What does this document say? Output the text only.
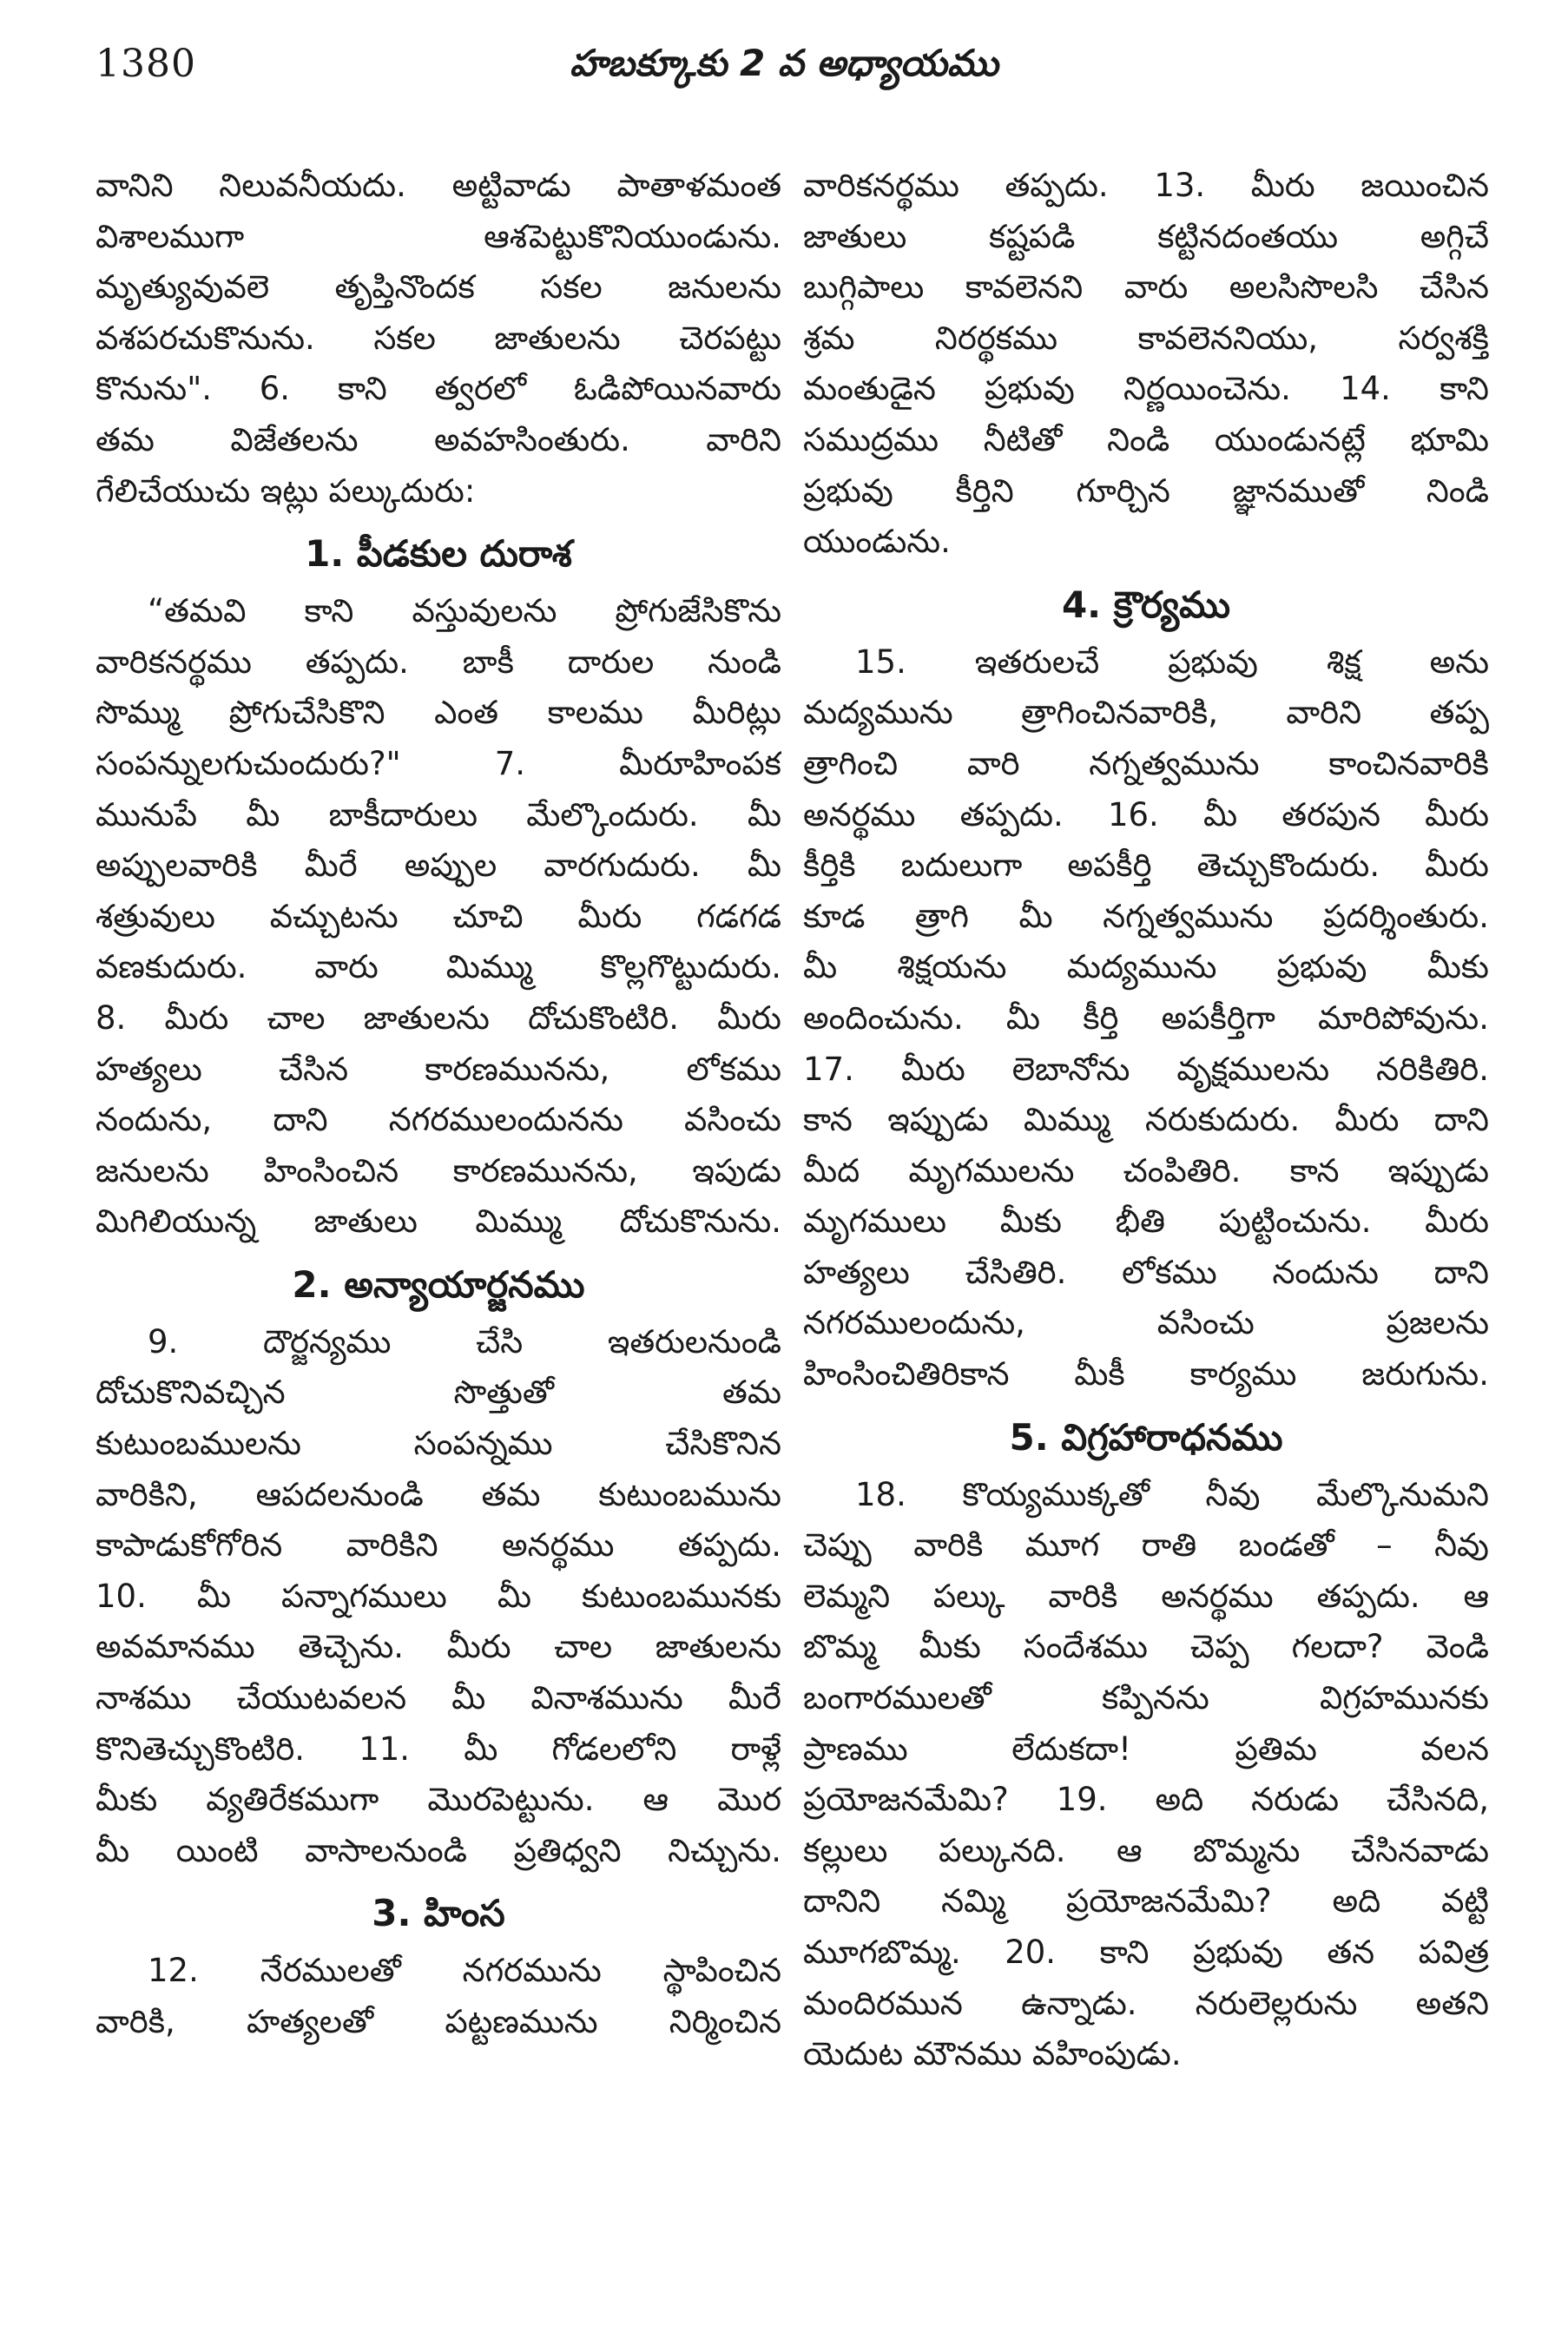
1380	హబక్కూకు 2 వ అధ్యాయము
వానిని నిలువనీయదు. అట్టివాడు పాతాళమంత
విశాలముగా ఆశపెట్టుకొనియుండును.
మృత్యువువలె తృప్తినొందక సకల జనులను
వశపరచుకొనును. సకల జాతులను చెరపట్టు
కొనును". 6. కాని త్వరలో ఓడిపోయినవారు
తమ విజేతలను అవహసింతురు. వారిని
గేలిచేయుచు ఇట్లు పల్కుదురు:
1. పీడకుల దురాశ
“తమవి కాని వస్తువులను ప్రోగుజేసికొను
వారికనర్థము తప్పదు. బాకీ దారుల నుండి
సొమ్ము ప్రోగుచేసికొని ఎంత కాలము మీరిట్లు
సంపన్నులగుచుందురు?" 7. మీరూహింపక
మునుపే మీ బాకీదారులు మేల్కొందురు. మీ
అప్పులవారికి మీరే అప్పుల వారగుదురు. మీ
శత్రువులు వచ్చుటను చూచి మీరు గడగడ
వణకుదురు. వారు మిమ్ము కొల్లగొట్టుదురు.
8. మీరు చాల జాతులను దోచుకొంటిరి. మీరు
హత్యలు చేసిన కారణమునను, లోకము
నందును, దాని నగరములందునను వసించు
జనులను హింసించిన కారణమునను, ఇపుడు
మిగిలియున్న జాతులు మిమ్ము దోచుకొనును.
2. అన్యాయార్జనము
9. దౌర్జన్యము చేసి ఇతరులనుండి
దోచుకొనివచ్చిన సొత్తుతో తమ
కుటుంబములను సంపన్నము చేసికొనిన
వారికిని, ఆపదలనుండి తమ కుటుంబమును
కాపాడుకోగోరిన వారికిని అనర్థము తప్పదు.
10. మీ పన్నాగములు మీ కుటుంబమునకు
అవమానము తెచ్చెను. మీరు చాల జాతులను
నాశము చేయుటవలన మీ వినాశమును మీరే
కొనితెచ్చుకొంటిరి. 11. మీ గోడలలోని రాళ్లే
మీకు వ్యతిరేకముగా మొరపెట్టును. ఆ మొర
మీ యింటి వాసాలనుండి ప్రతిధ్వని నిచ్చును.
3. హింస
12. నేరములతో నగరమును స్థాపించిన
వారికి, హత్యలతో పట్టణమును నిర్మించిన
వారికనర్థము తప్పదు. 13. మీరు జయించిన
జాతులు కష్టపడి కట్టినదంతయు అగ్గిచే
బుగ్గిపాలు కావలెనని వారు అలసిసొలసి చేసిన
శ్రమ నిరర్థకము కావలెననియు, సర్వశక్తి
మంతుడైన ప్రభువు నిర్ణయించెను. 14. కాని
సముద్రము నీటితో నిండి యుండునట్లే భూమి
ప్రభువు కీర్తిని గూర్చిన జ్ఞానముతో నిండి
యుండును.
4. క్రౌర్యము
15. ఇతరులచే ప్రభువు శిక్ష అను
మద్యమును త్రాగించినవారికి, వారిని తప్ప
త్రాగించి వారి నగ్నత్వమును కాంచినవారికి
అనర్థము తప్పదు. 16. మీ తరపున మీరు
కీర్తికి బదులుగా అపకీర్తి తెచ్చుకొందురు. మీరు
కూడ త్రాగి మీ నగ్నత్వమును ప్రదర్శింతురు.
మీ శిక్షయను మద్యమును ప్రభువు మీకు
అందించును. మీ కీర్తి అపకీర్తిగా మారిపోవును.
17. మీరు లెబానోను వృక్షములను నరికితిరి.
కాన ఇప్పుడు మిమ్ము నరుకుదురు. మీరు దాని
మీద మృగములను చంపితిరి. కాన ఇప్పుడు
మృగములు మీకు భీతి పుట్టించును. మీరు
హత్యలు చేసితిరి. లోకము నందును దాని
నగరములందును, వసించు ప్రజలను
హింసించితిరికాన మీకీ కార్యము జరుగును.
5. విగ్రహారాధనము
18. కొయ్యముక్కతో నీవు మేల్కొనుమని
చెప్పు వారికి మూగ రాతి బండతో – నీవు
లెమ్మని పల్కు వారికి అనర్థము తప్పదు. ఆ
బొమ్మ మీకు సందేశము చెప్ప గలదా? వెండి
బంగారములతో కప్పినను విగ్రహమునకు
ప్రాణము లేదుకదా! ప్రతిమ వలన
ప్రయోజనమేమి? 19. అది నరుడు చేసినది,
కల్లులు పల్కునది. ఆ బొమ్మను చేసినవాడు
దానిని నమ్మి ప్రయోజనమేమి? అది వట్టి
మూగబొమ్మ. 20. కాని ప్రభువు తన పవిత్ర
మందిరమున ఉన్నాడు. నరులెల్లరును అతని
యెదుట మౌనము వహింపుడు.
